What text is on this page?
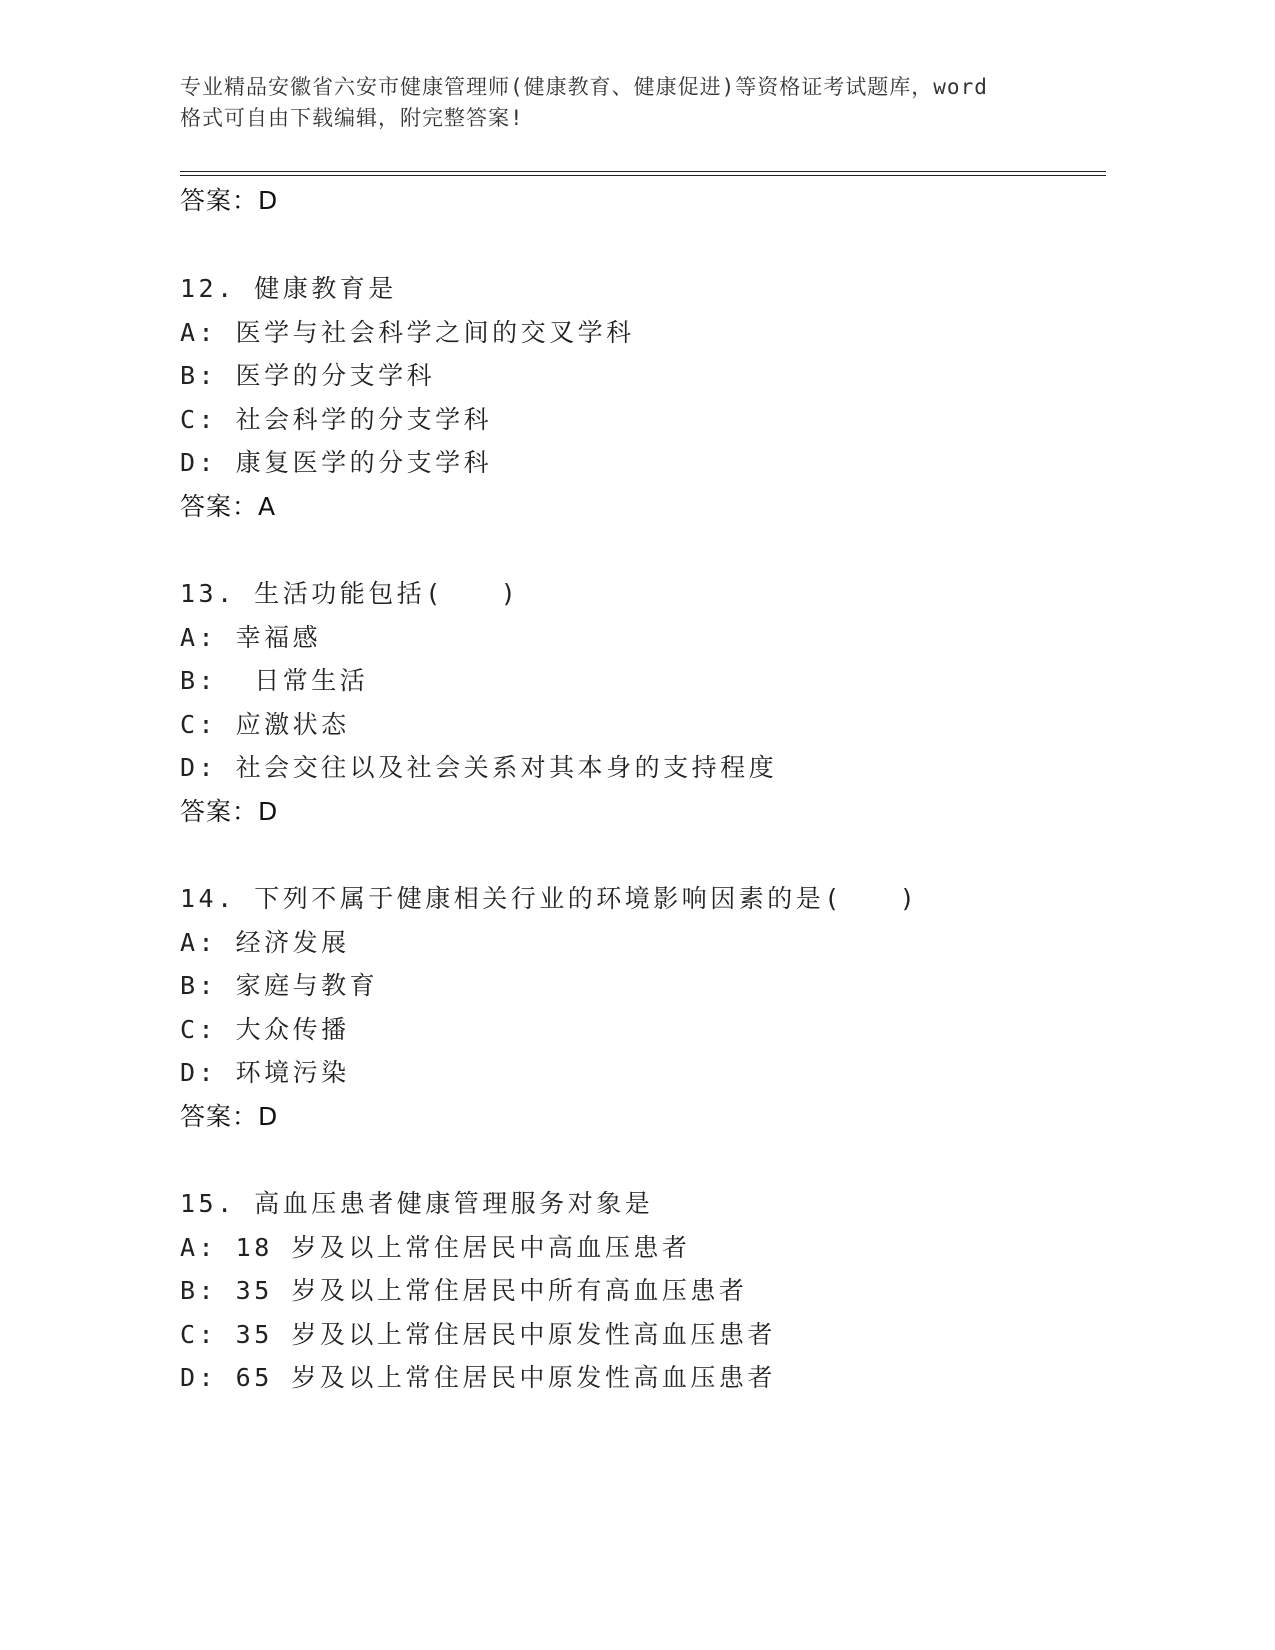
专业精品安徽省六安市健康管理师(健康教育、健康促进)等资格证考试题库，word
格式可自由下载编辑，附完整答案!
答案：D
12. 健康教育是
A: 医学与社会科学之间的交叉学科
B: 医学的分支学科
C: 社会科学的分支学科
D: 康复医学的分支学科
答案：A
13. 生活功能包括(　　)
A: 幸福感
B:  日常生活
C: 应激状态
D: 社会交往以及社会关系对其本身的支持程度
答案：D
14. 下列不属于健康相关行业的环境影响因素的是(　　)
A: 经济发展
B: 家庭与教育
C: 大众传播
D: 环境污染
答案：D
15. 高血压患者健康管理服务对象是
A: 18 岁及以上常住居民中高血压患者
B: 35 岁及以上常住居民中所有高血压患者
C: 35 岁及以上常住居民中原发性高血压患者
D: 65 岁及以上常住居民中原发性高血压患者
